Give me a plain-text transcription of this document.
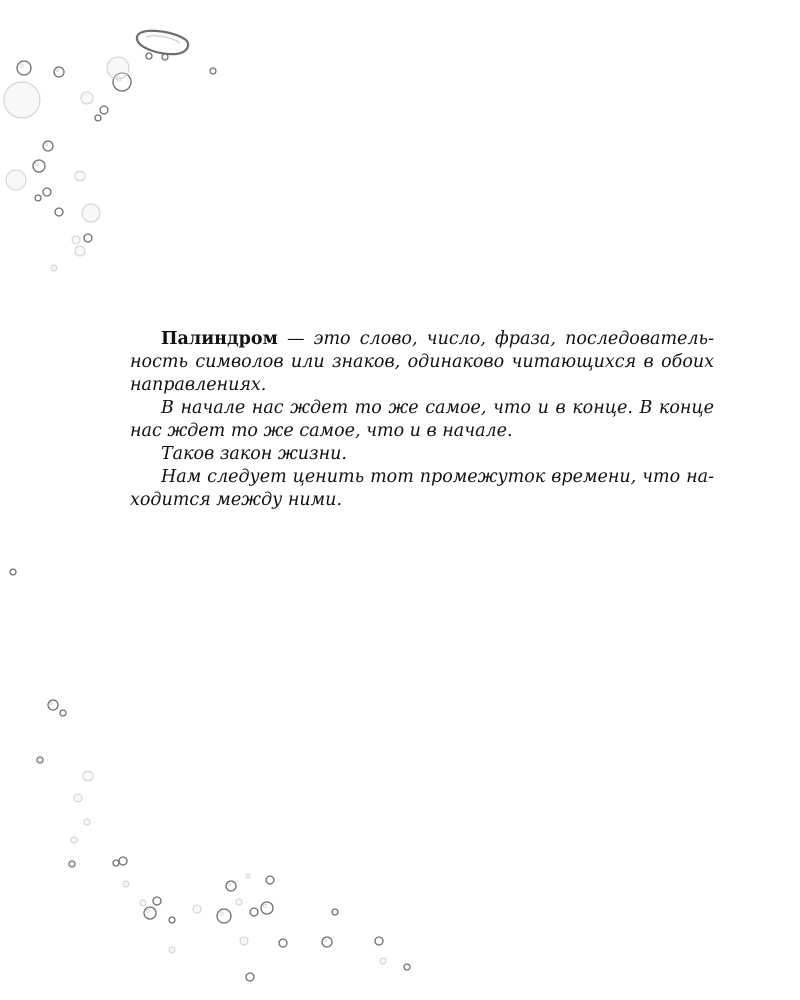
Палиндром — это слово, число, фраза, последовательность символов или знаков, одинаково читающихся в обоих направлениях.

В начале нас ждет то же самое, что и в конце. В конце нас ждет то же самое, что и в начале.

Таков закон жизни.

Нам следует ценить тот промежуток времени, что находится между ними.
